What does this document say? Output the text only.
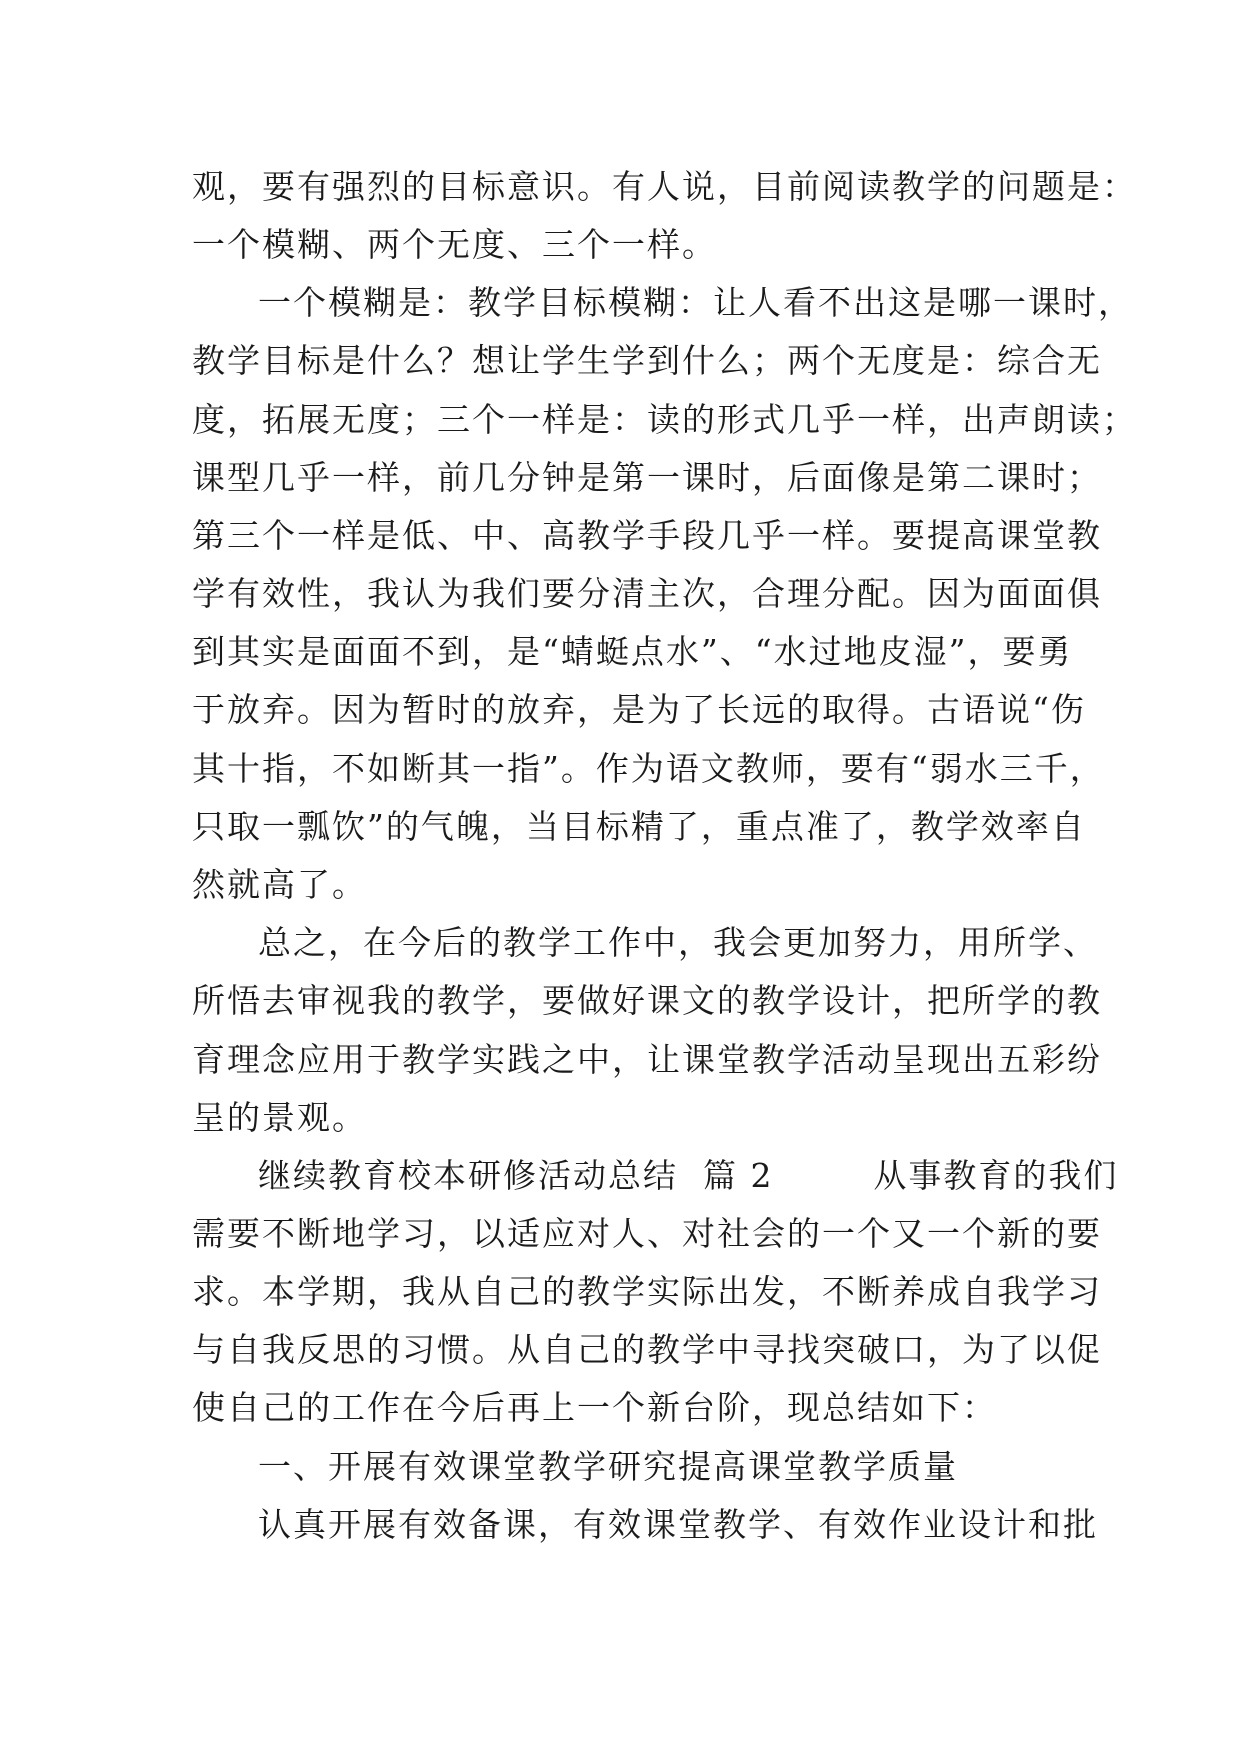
观，要有强烈的目标意识。有人说，目前阅读教学的问题是：
一个模糊、两个无度、三个一样。
一个模糊是：教学目标模糊：让人看不出这是哪一课时，
教学目标是什么？想让学生学到什么；两个无度是：综合无
度，拓展无度；三个一样是：读的形式几乎一样，出声朗读；
课型几乎一样，前几分钟是第一课时，后面像是第二课时；
第三个一样是低、中、高教学手段几乎一样。要提高课堂教
学有效性，我认为我们要分清主次，合理分配。因为面面俱
到其实是面面不到，是“蜻蜓点水”、“水过地皮湿”，要勇
于放弃。因为暂时的放弃，是为了长远的取得。古语说“伤
其十指，不如断其一指”。作为语文教师，要有“弱水三千，
只取一瓢饮”的气魄，当目标精了，重点准了，教学效率自
然就高了。
总之，在今后的教学工作中，我会更加努力，用所学、
所悟去审视我的教学，要做好课文的教学设计，把所学的教
育理念应用于教学实践之中，让课堂教学活动呈现出五彩纷
呈的景观。
继续教育校本研修活动总结  篇 2        从事教育的我们
需要不断地学习，以适应对人、对社会的一个又一个新的要
求。本学期，我从自己的教学实际出发，不断养成自我学习
与自我反思的习惯。从自己的教学中寻找突破口，为了以促
使自己的工作在今后再上一个新台阶，现总结如下：
一、开展有效课堂教学研究提高课堂教学质量
认真开展有效备课，有效课堂教学、有效作业设计和批
